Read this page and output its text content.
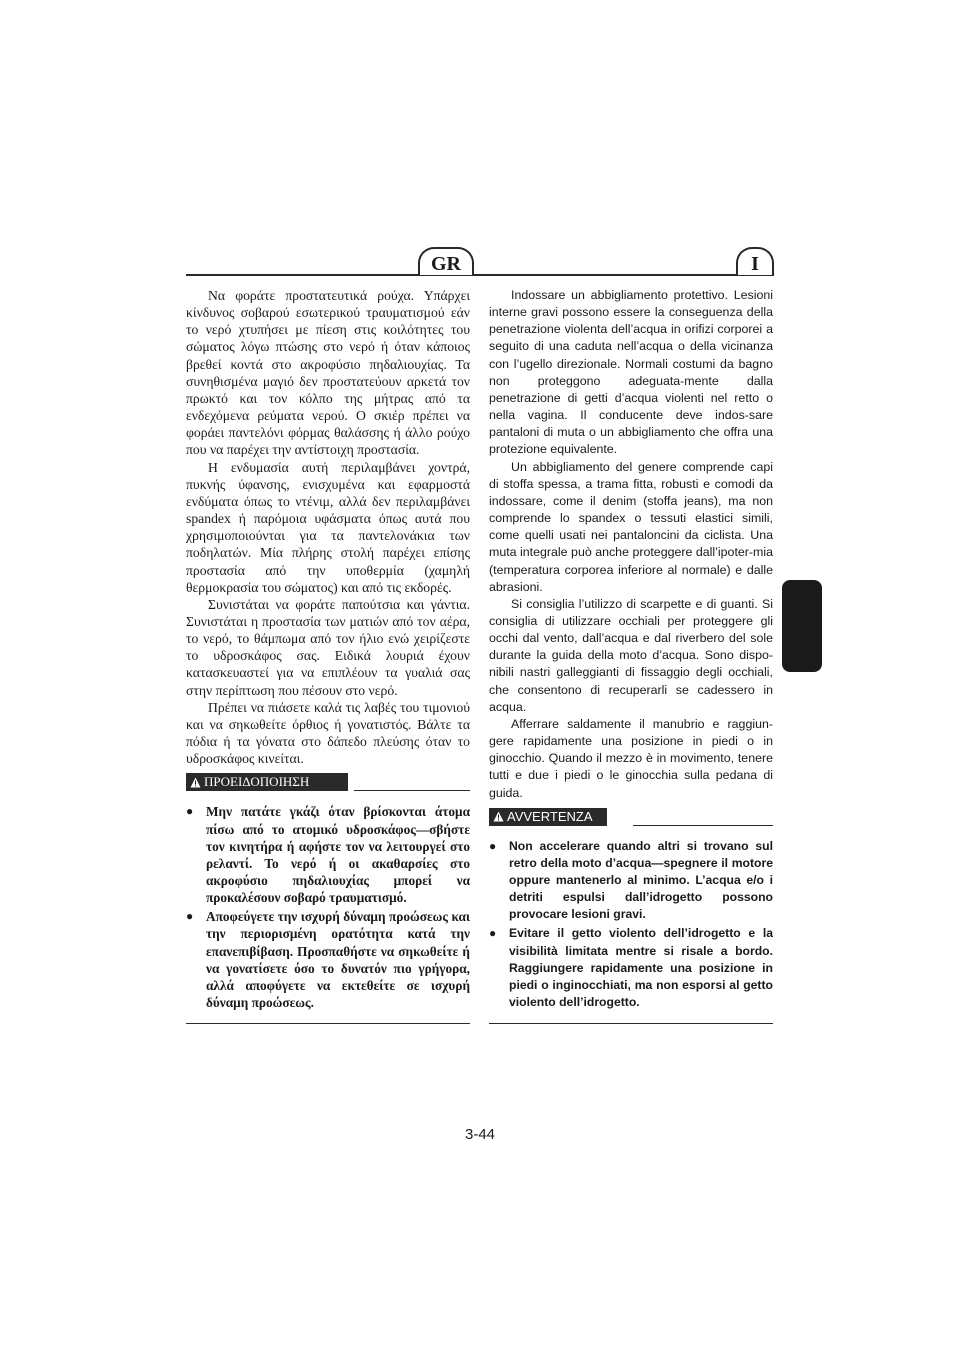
GR	I

Να φοράτε προστατευτικά ρούχα. Υπάρχει κίνδυνος σοβαρού εσωτερικού τραυματισμού εάν το νερό χτυπήσει με πίεση στις κοιλότητες του σώματος λόγω πτώσης στο νερό ή όταν κάποιος βρεθεί κοντά στο ακροφύσιο πηδαλιουχίας. Τα συνηθισμένα μαγιό δεν προστατεύουν αρκετά τον πρωκτό και τον κόλπο της μήτρας από τα ενδεχόμενα ρεύματα νερού. Ο σκιέρ πρέπει να φοράει παντελόνι φόρμας θαλάσσης ή άλλο ρούχο που να παρέχει την αντίστοιχη προστασία.

Η ενδυμασία αυτή περιλαμβάνει χοντρά, πυκνής ύφανσης, ενισχυμένα και εφαρμοστά ενδύματα όπως το ντένιμ, αλλά δεν περιλαμβάνει spandex ή παρόμοια υφάσματα όπως αυτά που χρησιμοποιούνται για τα παντελονάκια των ποδηλατών. Μία πλήρης στολή παρέχει επίσης προστασία από την υποθερμία (χαμηλή θερμοκρασία του σώματος) και από τις εκδορές.

Συνιστάται να φοράτε παπούτσια και γάντια. Συνιστάται η προστασία των ματιών από τον αέρα, το νερό, το θάμπωμα από τον ήλιο ενώ χειρίζεστε το υδροσκάφος σας. Ειδικά λουριά έχουν κατασκευαστεί για να επιπλέουν τα γυαλιά σας στην περίπτωση που πέσουν στο νερό.

Πρέπει να πιάσετε καλά τις λαβές του τιμονιού και να σηκωθείτε όρθιος ή γονατιστός. Βάλτε τα πόδια ή τα γόνατα στο δάπεδο πλεύσης όταν το υδροσκάφος κινείται.

ΠΡΟΕΙΔΟΠΟΙΗΣΗ
● Μην πατάτε γκάζι όταν βρίσκονται άτομα πίσω από το ατομικό υδροσκάφος—σβήστε τον κινητήρα ή αφήστε τον να λειτουργεί στο ρελαντί. Το νερό ή οι ακαθαρσίες στο ακροφύσιο πηδαλιουχίας μπορεί να προκαλέσουν σοβαρό τραυματισμό.
● Αποφεύγετε την ισχυρή δύναμη προώσεως και την περιορισμένη ορατότητα κατά την επανεπιβίβαση. Προσπαθήστε να σηκωθείτε ή να γονατίσετε όσο το δυνατόν πιο γρήγορα, αλλά αποφύγετε να εκτεθείτε σε ισχυρή δύναμη προώσεως.

Indossare un abbigliamento protettivo. Lesioni interne gravi possono essere la conseguenza della penetrazione violenta dell’acqua in orifizi corporei a seguito di una caduta nell’acqua o della vicinanza con l’ugello direzionale. Normali costumi da bagno non proteggono adeguata-mente dalla penetrazione di getti d’acqua violenti nel retto o nella vagina. Il conducente deve indos-sare pantaloni di muta o un abbigliamento che offra una protezione equivalente.

Un abbigliamento del genere comprende capi di stoffa spessa, a trama fitta, robusti e comodi da indossare, come il denim (stoffa jeans), ma non comprende lo spandex o tessuti elastici simili, come quelli usati nei pantaloncini da ciclista. Una muta integrale può anche proteggere dall’ipoter-mia (temperatura corporea inferiore al normale) e dalle abrasioni.

Si consiglia l’utilizzo di scarpette e di guanti. Si consiglia di utilizzare occhiali per proteggere gli occhi dal vento, dall’acqua e dal riverbero del sole durante la guida della moto d’acqua. Sono dispo-nibili nastri galleggianti di fissaggio degli occhiali, che consentono di recuperarli se cadessero in acqua.

Afferrare saldamente il manubrio e raggiun-gere rapidamente una posizione in piedi o in ginocchio. Quando il mezzo è in movimento, tenere tutti e due i piedi o le ginocchia sulla pedana di guida.

AVVERTENZA
●	Non accelerare quando altri si trovano sul retro della moto d’acqua—spegnere il motore oppure mantenerlo al minimo. L’acqua e/o i detriti espulsi dall’idrogetto possono provocare lesioni gravi.
●	Evitare il getto violento dell’idrogetto e la visibilità limitata mentre si risale a bordo. Raggiungere rapidamente una posizione in piedi o inginocchiati, ma non esporsi al getto violento dell’idrogetto.
3-44
